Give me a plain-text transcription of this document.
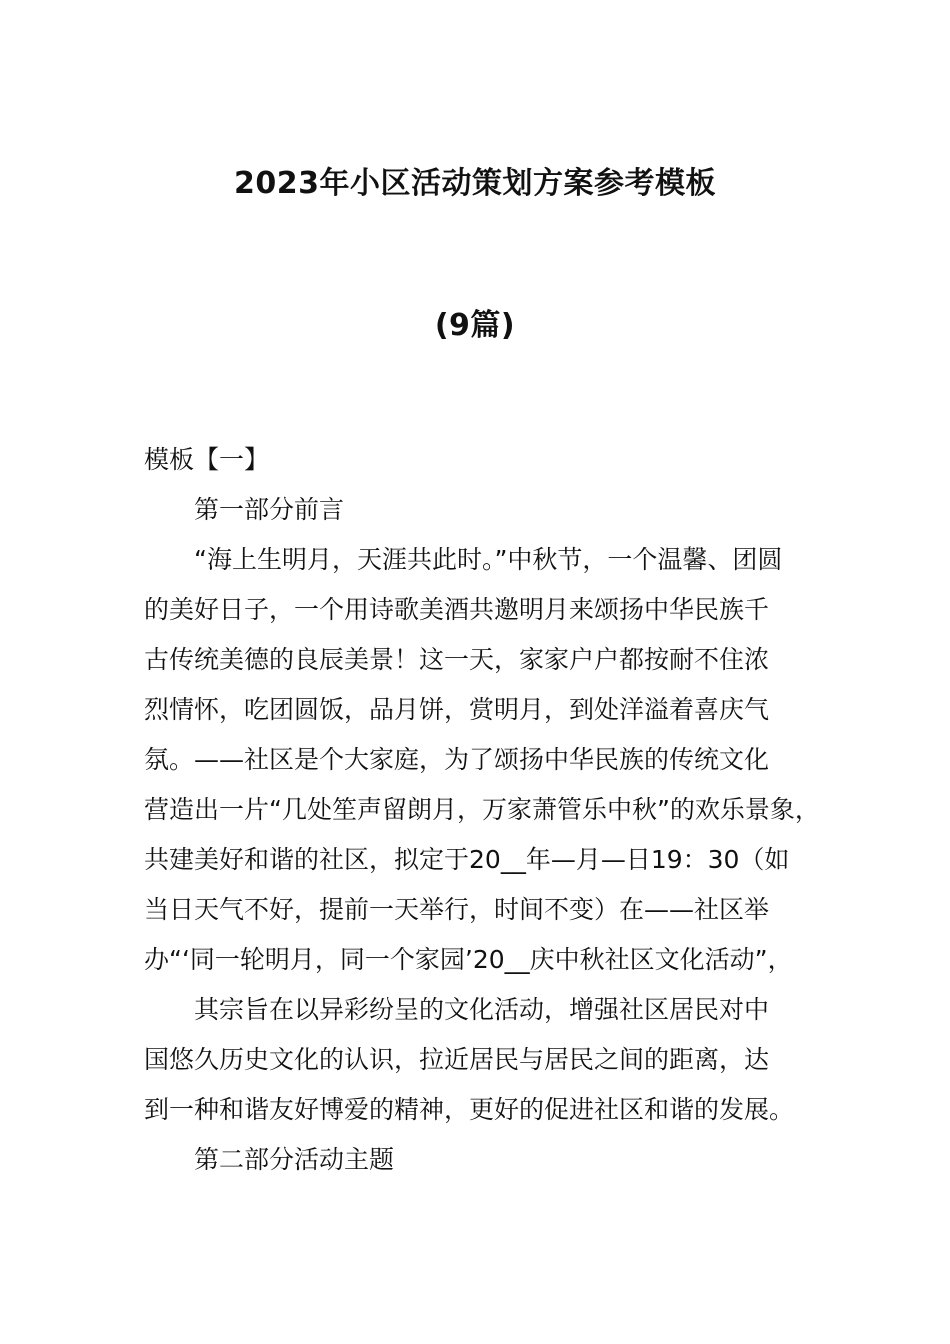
2023年小区活动策划方案参考模板
(9篇)
模板【一】
第一部分前言
“海上生明月，天涯共此时。”中秋节，一个温馨、团圆
的美好日子，一个用诗歌美酒共邀明月来颂扬中华民族千
古传统美德的良辰美景！这一天，家家户户都按耐不住浓
烈情怀，吃团圆饭，品月饼，赏明月，到处洋溢着喜庆气
氛。——社区是个大家庭，为了颂扬中华民族的传统文化
营造出一片“几处笙声留朗月，万家萧管乐中秋”的欢乐景象，
共建美好和谐的社区，拟定于20__年—月—日19：30（如
当日天气不好，提前一天举行，时间不变）在——社区举
办“‘同一轮明月，同一个家园’20__庆中秋社区文化活动”，
其宗旨在以异彩纷呈的文化活动，增强社区居民对中
国悠久历史文化的认识，拉近居民与居民之间的距离，达
到一种和谐友好博爱的精神，更好的促进社区和谐的发展。
第二部分活动主题
